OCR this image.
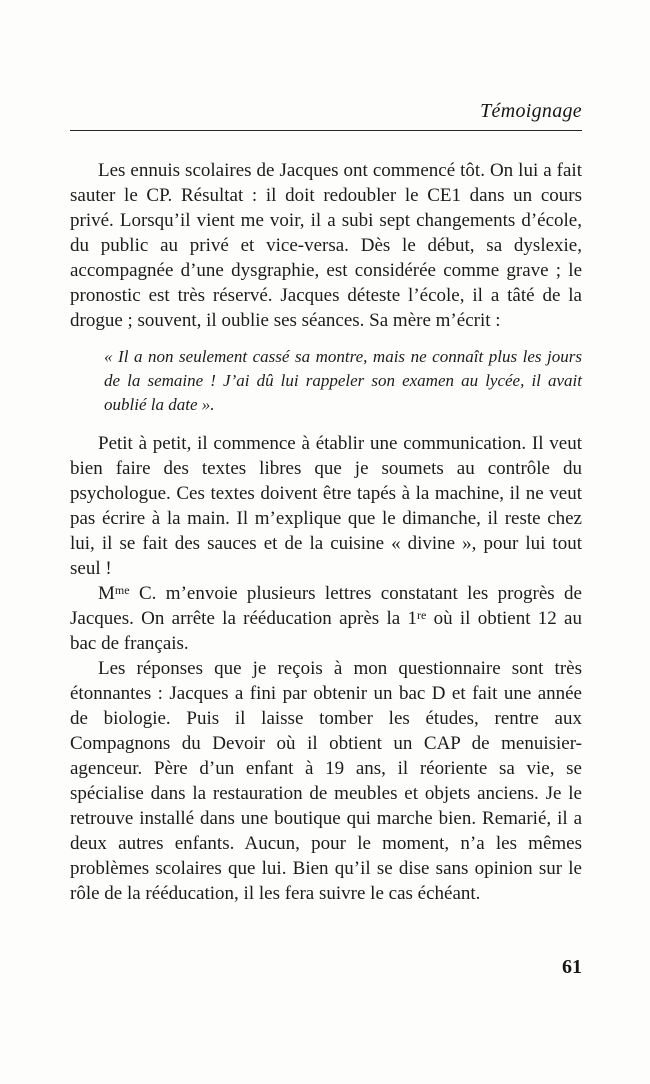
Témoignage

Les ennuis scolaires de Jacques ont commencé tôt. On lui a fait sauter le CP. Résultat : il doit redoubler le CE1 dans un cours privé. Lorsqu’il vient me voir, il a subi sept changements d’école, du public au privé et vice-versa. Dès le début, sa dyslexie, accompagnée d’une dysgraphie, est considérée comme grave ; le pronostic est très réservé. Jacques déteste l’école, il a tâté de la drogue ; souvent, il oublie ses séances. Sa mère m’écrit :

« Il a non seulement cassé sa montre, mais ne connaît plus les jours de la semaine ! J’ai dû lui rappeler son examen au lycée, il avait oublié la date ».

Petit à petit, il commence à établir une communication. Il veut bien faire des textes libres que je soumets au contrôle du psychologue. Ces textes doivent être tapés à la machine, il ne veut pas écrire à la main. Il m’explique que le dimanche, il reste chez lui, il se fait des sauces et de la cuisine « divine », pour lui tout seul !

$M^{me}$ C. m’envoie plusieurs lettres constatant les progrès de Jacques. On arrête la rééducation après la 1re où il obtient 12 au bac de français.

Les réponses que je reçois à mon questionnaire sont très étonnantes : Jacques a fini par obtenir un bac D et fait une année de biologie. Puis il laisse tomber les études, rentre aux Compagnons du Devoir où il obtient un CAP de menuisier-agenceur. Père d’un enfant à 19 ans, il réoriente sa vie, se spécialise dans la restauration de meubles et objets anciens. Je le retrouve installé dans une boutique qui marche bien. Remarié, il a deux autres enfants. Aucun, pour le moment, n’a les mêmes problèmes scolaires que lui. Bien qu’il se dise sans opinion sur le rôle de la rééducation, il les fera suivre le cas échéant.

61
